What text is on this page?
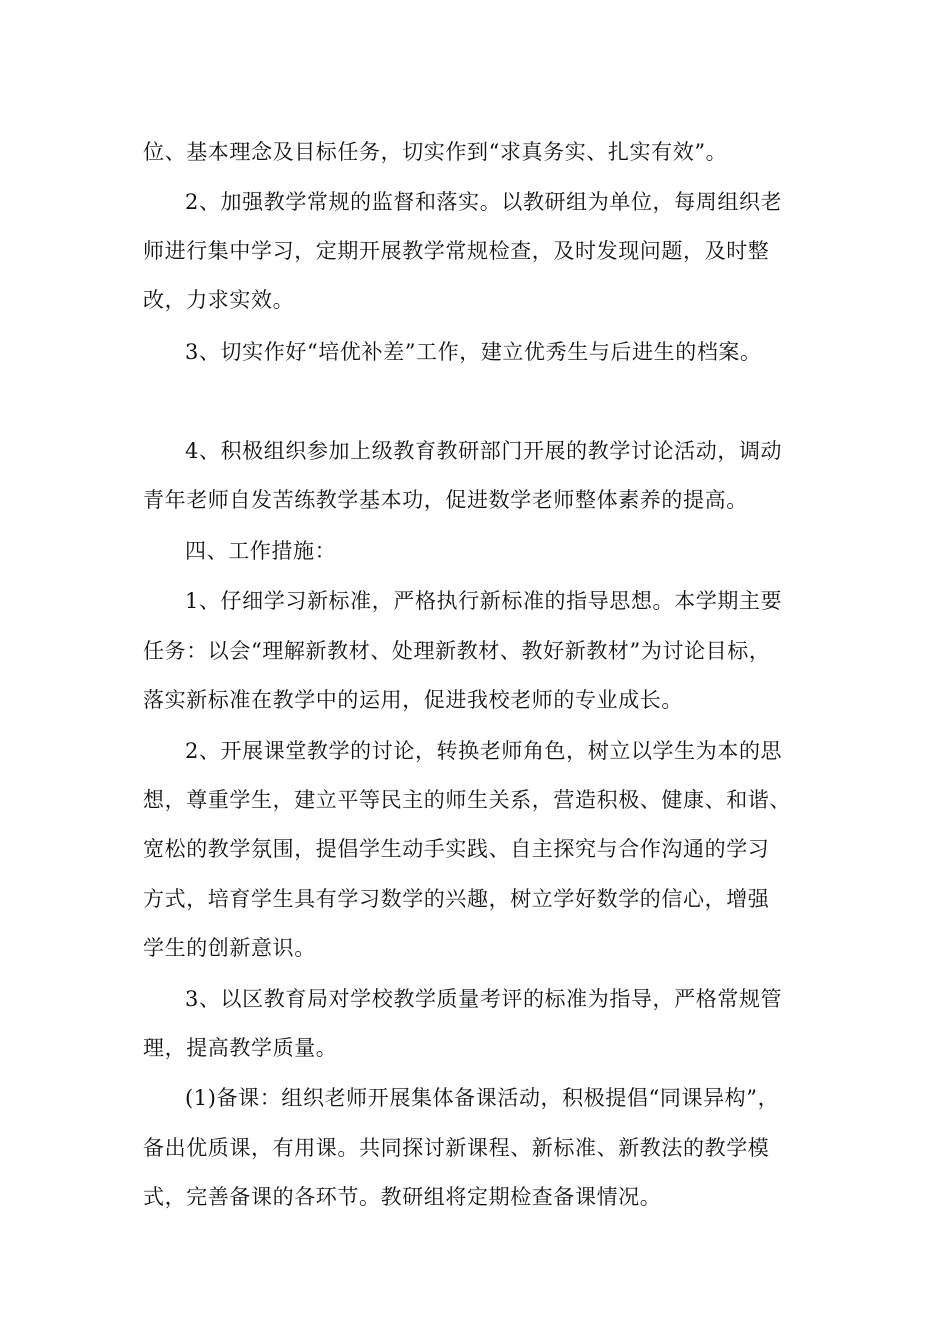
位、基本理念及目标任务，切实作到“求真务实、扎实有效”。
2、加强教学常规的监督和落实。以教研组为单位，每周组织老
师进行集中学习，定期开展教学常规检查，及时发现问题，及时整
改，力求实效。
3、切实作好“培优补差”工作，建立优秀生与后进生的档案。
4、积极组织参加上级教育教研部门开展的教学讨论活动，调动
青年老师自发苦练教学基本功，促进数学老师整体素养的提高。
四、工作措施：
1、仔细学习新标准，严格执行新标准的指导思想。本学期主要
任务：以会“理解新教材、处理新教材、教好新教材”为讨论目标，
落实新标准在教学中的运用，促进我校老师的专业成长。
2、开展课堂教学的讨论，转换老师角色，树立以学生为本的思
想，尊重学生，建立平等民主的师生关系，营造积极、健康、和谐、
宽松的教学氛围，提倡学生动手实践、自主探究与合作沟通的学习
方式，培育学生具有学习数学的兴趣，树立学好数学的信心，增强
学生的创新意识。
3、以区教育局对学校教学质量考评的标准为指导，严格常规管
理，提高教学质量。
(1)备课：组织老师开展集体备课活动，积极提倡“同课异构”，
备出优质课，有用课。共同探讨新课程、新标准、新教法的教学模
式，完善备课的各环节。教研组将定期检查备课情况。
